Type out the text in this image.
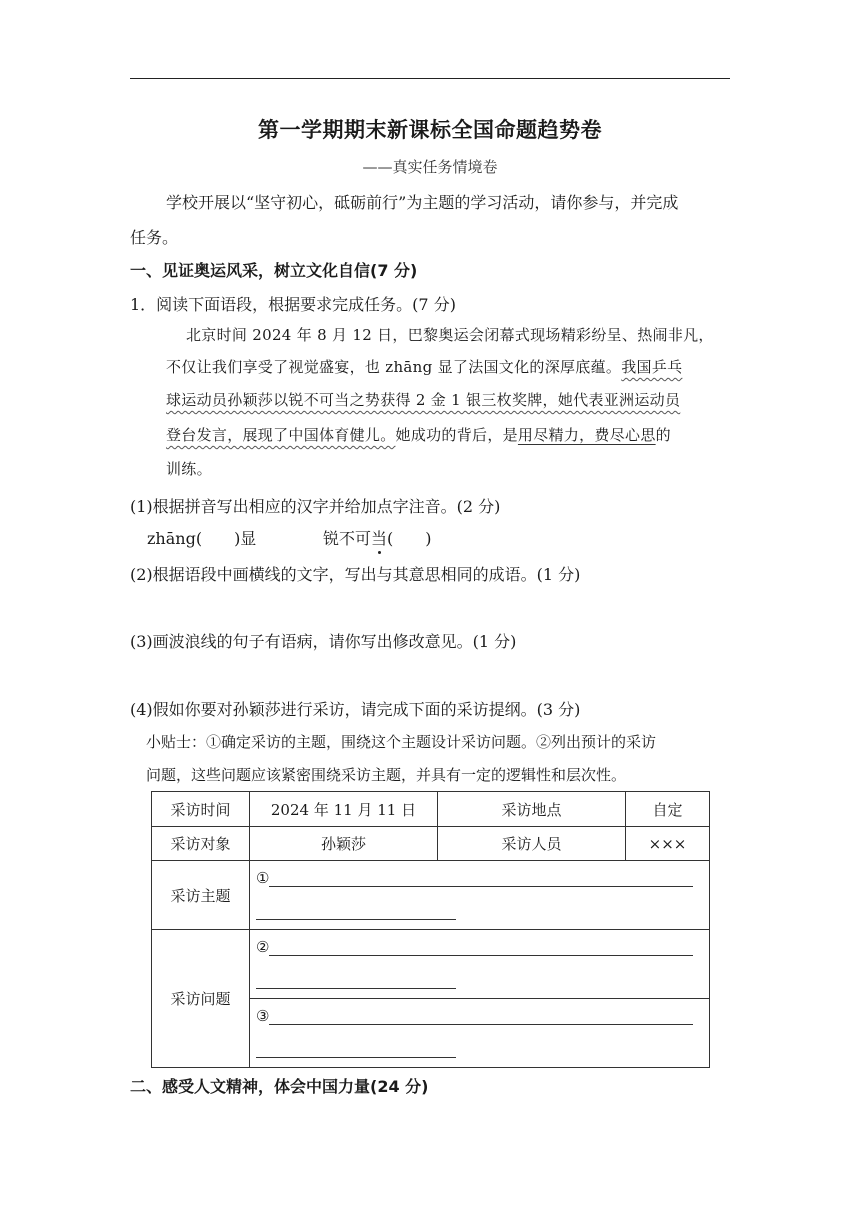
第一学期期末新课标全国命题趋势卷
——真实任务情境卷
学校开展以“坚守初心，砥砺前行”为主题的学习活动，请你参与，并完成
任务。
一、见证奥运风采，树立文化自信(7 分)
1．阅读下面语段，根据要求完成任务。(7 分)
北京时间 2024 年 8 月 12 日，巴黎奥运会闭幕式现场精彩纷呈、热闹非凡，
不仅让我们享受了视觉盛宴，也 zhāng 显了法国文化的深厚底蕴。我国乒乓
球运动员孙颖莎以锐不可当之势获得 2 金 1 银三枚奖牌，她代表亚洲运动员
登台发言，展现了中国体育健儿。她成功的背后，是用尽精力，费尽心思的
训练。
(1)根据拼音写出相应的汉字并给加点字注音。(2 分)
zhāng(　　)显	锐不可当(　　)
(2)根据语段中画横线的文字，写出与其意思相同的成语。(1 分)
(3)画波浪线的句子有语病，请你写出修改意见。(1 分)
(4)假如你要对孙颖莎进行采访，请完成下面的采访提纲。(3 分)
小贴士：①确定采访的主题，围绕这个主题设计采访问题。②列出预计的采访
问题，这些问题应该紧密围绕采访主题，并具有一定的逻辑性和层次性。
采访时间	2024 年 11 月 11 日	采访地点	自定
采访对象	孙颖莎	采访人员	×××
采访主题	①		

采访问题	②		

	③		
二、感受人文精神，体会中国力量(24 分)
